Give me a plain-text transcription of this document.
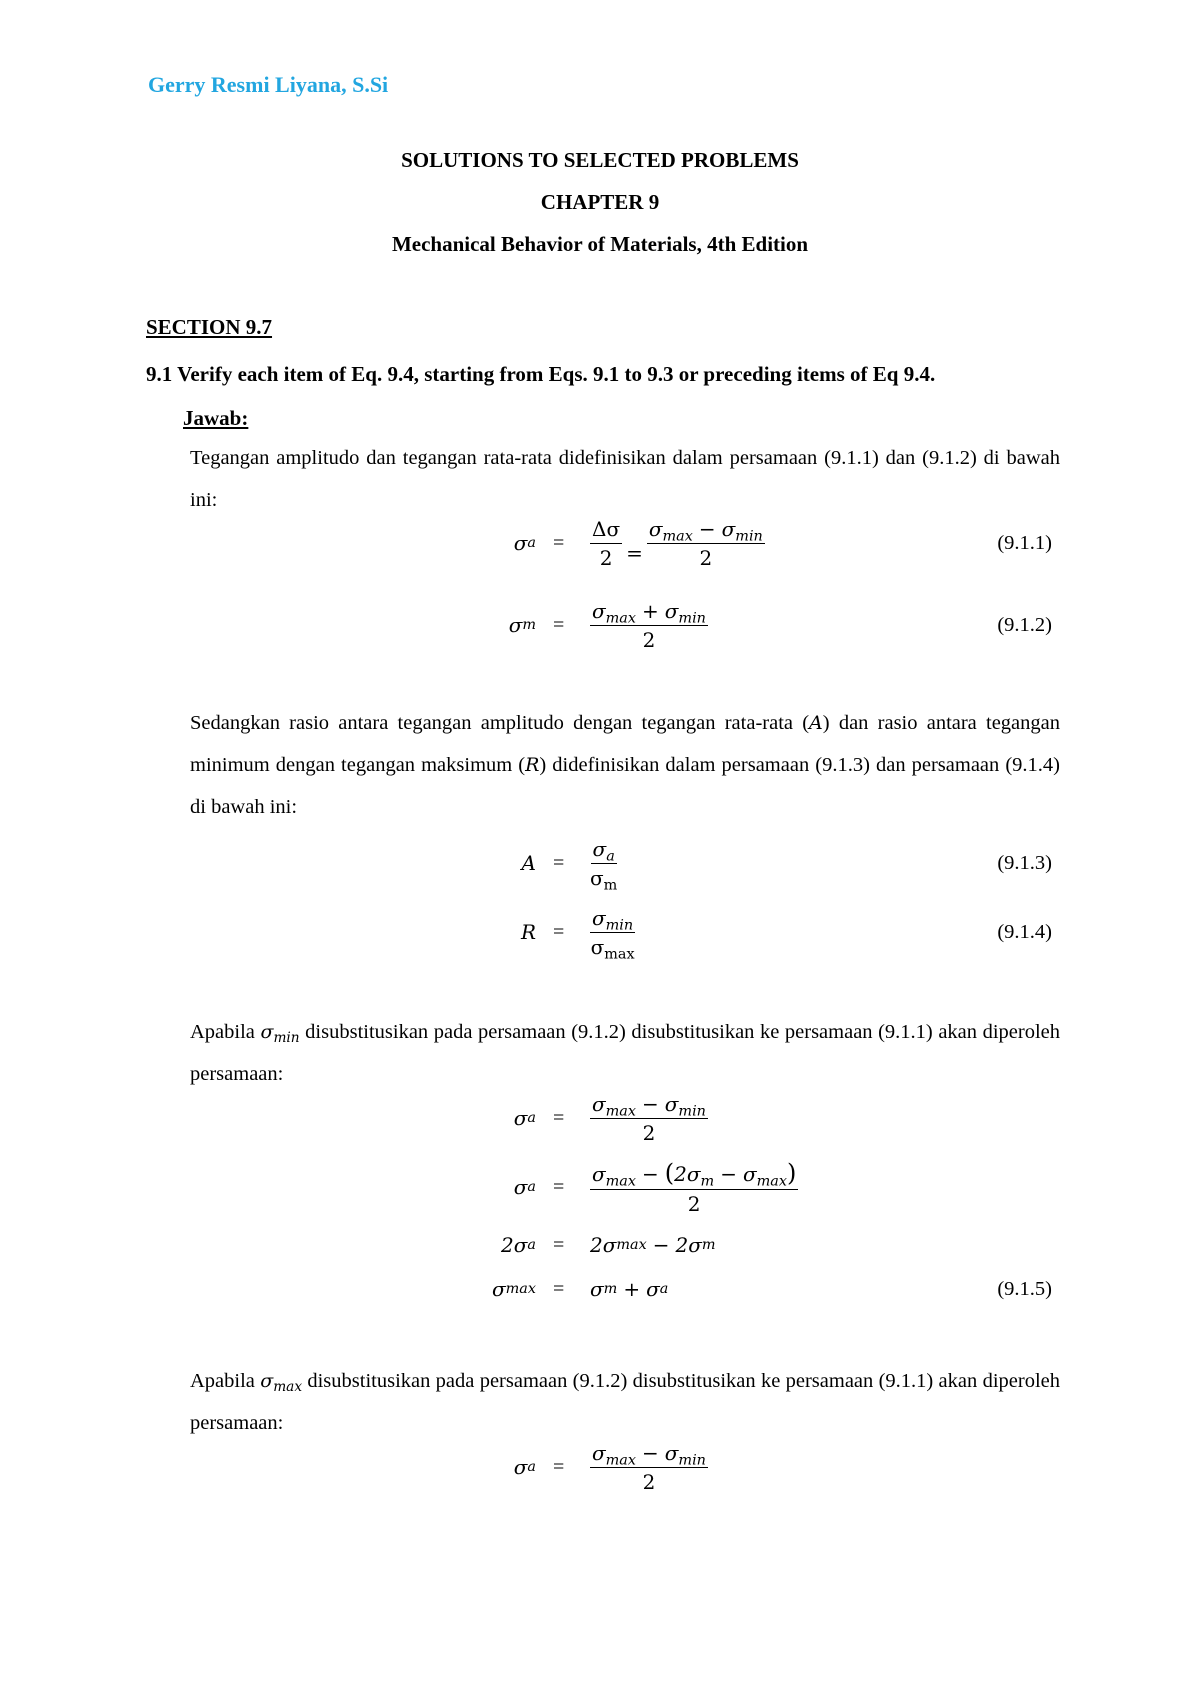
Gerry Resmi Liyana, S.Si
SOLUTIONS TO SELECTED PROBLEMS
CHAPTER 9
Mechanical Behavior of Materials, 4th Edition
SECTION 9.7
9.1 Verify each item of Eq. 9.4, starting from Eqs. 9.1 to 9.3 or preceding items of Eq 9.4.
Jawab:
Tegangan amplitudo dan tegangan rata-rata didefinisikan dalam persamaan (9.1.1) dan (9.1.2) di bawah ini:
σ $a = \frac{\Delta\sigma}{2} = \frac{\sigma_{max} - \sigma_{min}}{2}$	(9.1.1)
σ $m = \frac{\sigma_{max} + \sigma_{min}}{2}$	(9.1.2)
Sedangkan rasio antara tegangan amplitudo dengan tegangan rata-rata (A) dan rasio antara tegangan minimum dengan tegangan maksimum (R) didefinisikan dalam persamaan (9.1.3) dan persamaan (9.1.4) di bawah ini:
$A = \frac{\sigma_a}{\sigma_m}$	(9.1.3)
$R = \frac{\sigma_{min}}{\sigma_{max}}$	(9.1.4)
Apabila $\sigma_{min}$ disubstitusikan pada persamaan (9.1.2) disubstitusikan ke persamaan (9.1.1) akan diperoleh persamaan:
σ $a = \frac{\sigma_{max} - \sigma_{min}}{2}$
σ $a = \frac{\sigma_{max} - (2\sigma_m - \sigma_{max})}{2}$
2σ a = 2σ max − 2σ m
σ max = σ m + σ a	(9.1.5)
Apabila $\sigma_{max}$ disubstitusikan pada persamaan (9.1.2) disubstitusikan ke persamaan (9.1.1) akan diperoleh persamaan:
σ $a = \frac{\sigma_{max} - \sigma_{min}}{2}$
